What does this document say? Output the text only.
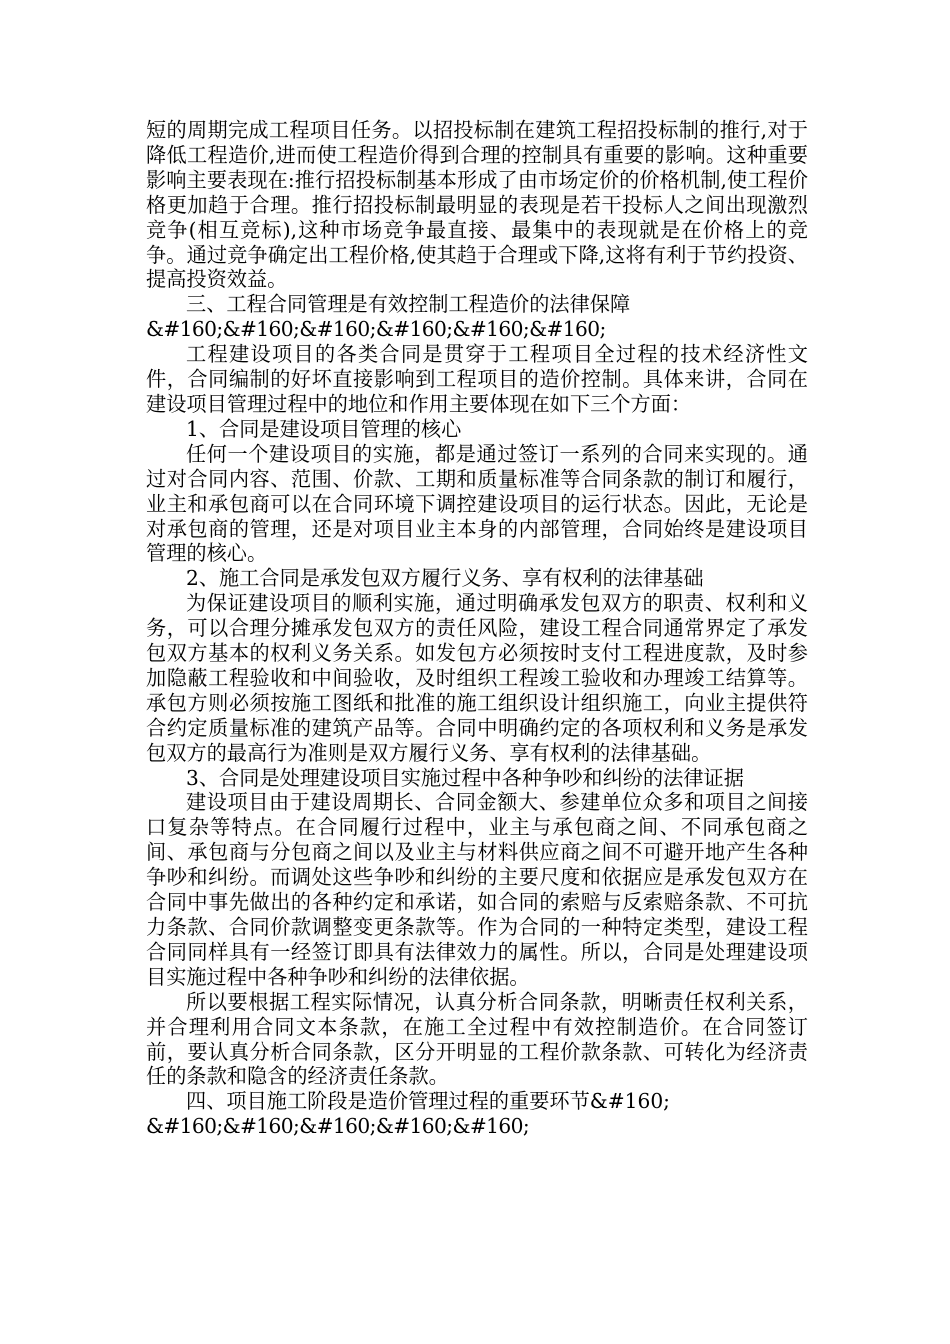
短的周期完成工程项目任务。以招投标制在建筑工程招投标制的推行,对于降低工程造价,进而使工程造价得到合理的控制具有重要的影响。这种重要影响主要表现在:推行招投标制基本形成了由市场定价的价格机制,使工程价格更加趋于合理。推行招投标制最明显的表现是若干投标人之间出现激烈竞争(相互竞标),这种市场竞争最直接、最集中的表现就是在价格上的竞争。通过竞争确定出工程价格,使其趋于合理或下降,这将有利于节约投资、提高投资效益。

三、工程合同管理是有效控制工程造价的法律保障

&#160;&#160;&#160;&#160;&#160;&#160;

工程建设项目的各类合同是贯穿于工程项目全过程的技术经济性文件，合同编制的好坏直接影响到工程项目的造价控制。具体来讲，合同在建设项目管理过程中的地位和作用主要体现在如下三个方面：

1、合同是建设项目管理的核心

任何一个建设项目的实施，都是通过签订一系列的合同来实现的。通过对合同内容、范围、价款、工期和质量标准等合同条款的制订和履行，业主和承包商可以在合同环境下调控建设项目的运行状态。因此，无论是对承包商的管理，还是对项目业主本身的内部管理，合同始终是建设项目管理的核心。

2、施工合同是承发包双方履行义务、享有权利的法律基础

为保证建设项目的顺利实施，通过明确承发包双方的职责、权利和义务，可以合理分摊承发包双方的责任风险，建设工程合同通常界定了承发包双方基本的权利义务关系。如发包方必须按时支付工程进度款，及时参加隐蔽工程验收和中间验收，及时组织工程竣工验收和办理竣工结算等。承包方则必须按施工图纸和批准的施工组织设计组织施工，向业主提供符合约定质量标准的建筑产品等。合同中明确约定的各项权利和义务是承发包双方的最高行为准则是双方履行义务、享有权利的法律基础。

3、合同是处理建设项目实施过程中各种争吵和纠纷的法律证据

建设项目由于建设周期长、合同金额大、参建单位众多和项目之间接口复杂等特点。在合同履行过程中，业主与承包商之间、不同承包商之间、承包商与分包商之间以及业主与材料供应商之间不可避开地产生各种争吵和纠纷。而调处这些争吵和纠纷的主要尺度和依据应是承发包双方在合同中事先做出的各种约定和承诺，如合同的索赔与反索赔条款、不可抗力条款、合同价款调整变更条款等。作为合同的一种特定类型，建设工程合同同样具有一经签订即具有法律效力的属性。所以，合同是处理建设项目实施过程中各种争吵和纠纷的法律依据。

所以要根据工程实际情况，认真分析合同条款，明晰责任权利关系，并合理利用合同文本条款，在施工全过程中有效控制造价。在合同签订前，要认真分析合同条款，区分开明显的工程价款条款、可转化为经济责任的条款和隐含的经济责任条款。

四、项目施工阶段是造价管理过程的重要环节&#160;

&#160;&#160;&#160;&#160;&#160;
